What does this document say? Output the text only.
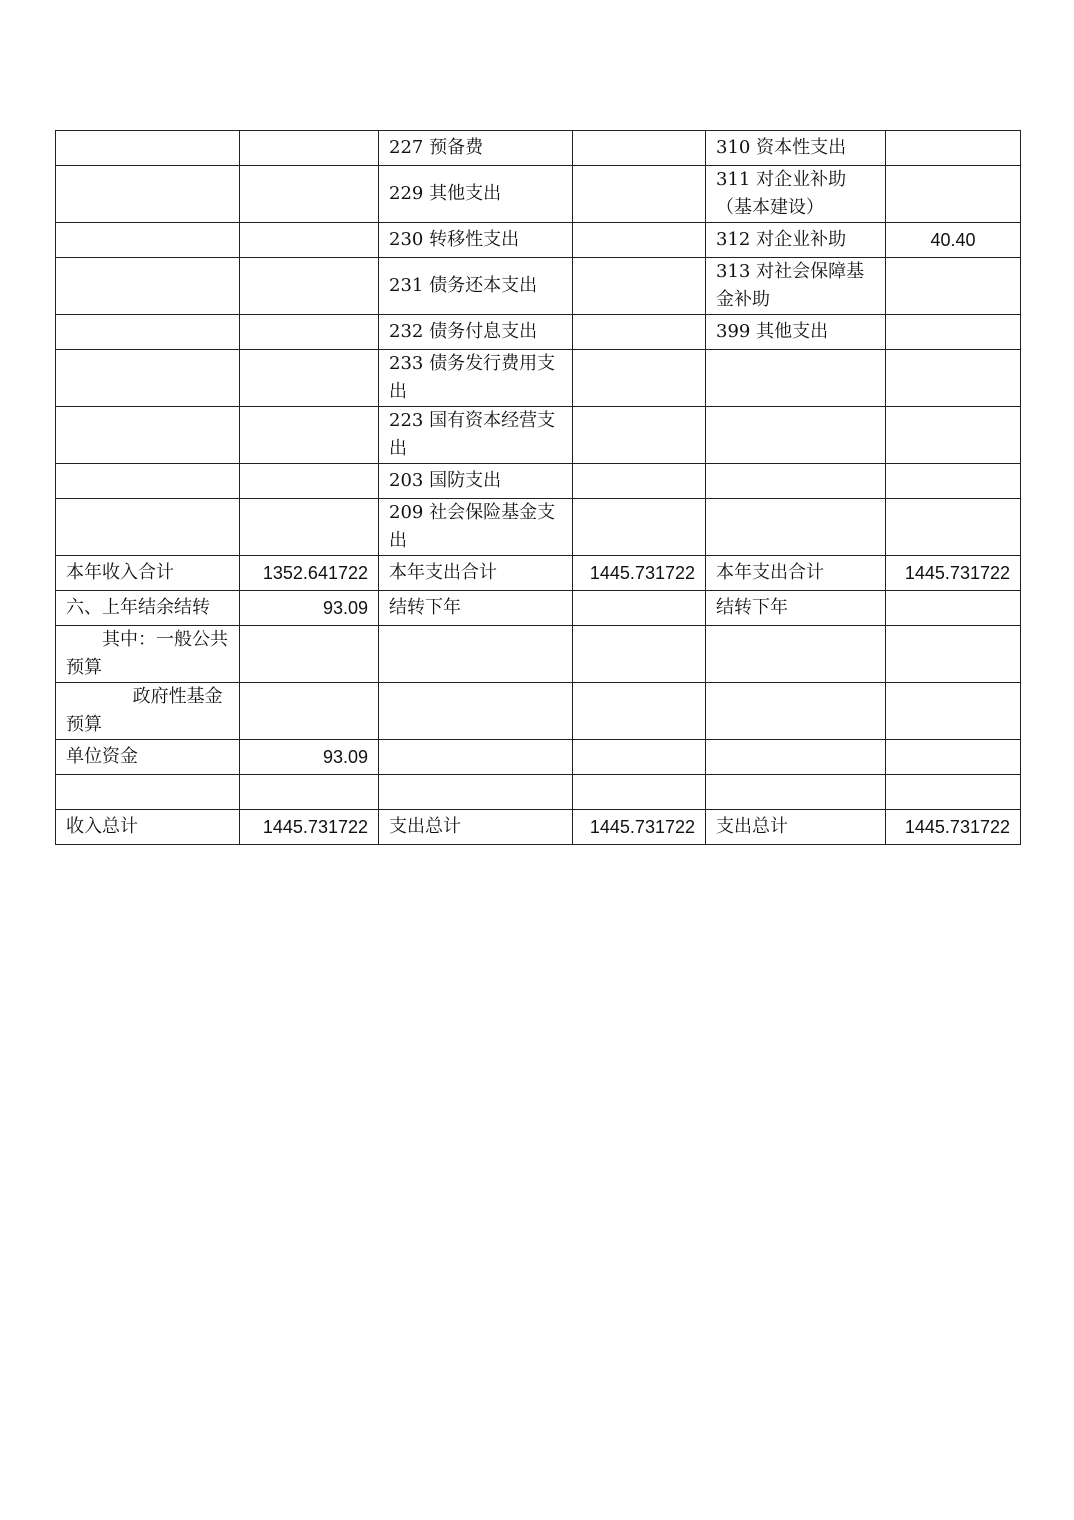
		227 预备费		310 资本性支出	
		229 其他支出		311 对企业补助（基本建设）	
		230 转移性支出		312 对企业补助	40.40
		231 债务还本支出		313 对社会保障基金补助	
		232 债务付息支出		399 其他支出	
		233 债务发行费用支出			
		223 国有资本经营支出			
		203 国防支出			
		209 社会保险基金支出			
本年收入合计	1352.641722	本年支出合计	1445.731722	本年支出合计	1445.731722
六、上年结余结转	93.09	结转下年		结转下年	
其中：一般公共预算					
政府性基金预算					
单位资金	93.09				

收入总计	1445.731722	支出总计	1445.731722	支出总计	1445.731722
